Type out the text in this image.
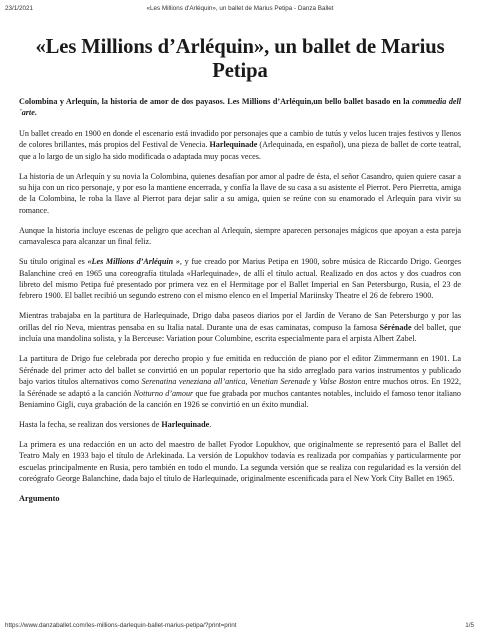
23/1/2021	«Les Millions d'Arléquin», un ballet de Marius Petipa - Danza Ballet
«Les Millions d’Arléquin», un ballet de Marius Petipa

Colombina y Arlequín, la historia de amor de dos payasos. Les Millions d’Arléquin,un bello ballet basado en la commedia dell´arte.

Un ballet creado en 1900 en donde el escenario está invadido por personajes que a cambio de tutús y velos lucen trajes festivos y llenos de colores brillantes, más propios del Festival de Venecia. Harlequinade (Arlequinada, en español), una pieza de ballet de corte teatral, que a lo largo de un siglo ha sido modificada o adaptada muy pocas veces.

La historia de un Arlequín y su novia la Colombina, quienes desafían por amor al padre de ésta, el señor Casandro, quien quiere casar a su hija con un rico personaje, y por eso la mantiene encerrada, y confía la llave de su casa a su asistente el Pierrot. Pero Pierretta, amiga de la Colombina, le roba la llave al Pierrot para dejar salir a su amiga, quien se reúne con su enamorado el Arlequín para vivir su romance.

Aunque la historia incluye escenas de peligro que acechan al Arlequín, siempre aparecen personajes mágicos que apoyan a esta pareja carnavalesca para alcanzar un final feliz.

Su título original es «Les Millions d’Arléquin », y fue creado por Marius Petipa en 1900, sobre música de Riccardo Drigo. Georges Balanchine creó en 1965 una coreografía titulada «Harlequinade», de allí el título actual. Realizado en dos actos y dos cuadros con libreto del mismo Petipa fué presentado por primera vez en el Hermitage por el Ballet Imperial en San Petersburgo, Rusia, el 23 de febrero 1900. El ballet recibió un segundo estreno con el mismo elenco en el Imperial Mariinsky Theatre el 26 de febrero 1900.

Mientras trabajaba en la partitura de Harlequinade, Drigo daba paseos diarios por el Jardín de Verano de San Petersburgo y por las orillas del río Neva, mientras pensaba en su Italia natal. Durante una de esas caminatas, compuso la famosa Sérénade del ballet, que incluía una mandolina solista, y la Berceuse: Variation pour Columbine, escrita especialmente para el arpista Albert Zabel.

La partitura de Drigo fue celebrada por derecho propio y fue emitida en reducción de piano por el editor Zimmermann en 1901. La Sérénade del primer acto del ballet se convirtió en un popular repertorio que ha sido arreglado para varios instrumentos y publicado bajo varios títulos alternativos como Serenatina veneziana all’antica, Venetian Serenade y Valse Boston entre muchos otros. En 1922, la Sérénade se adaptó a la canción Notturno d’amour que fue grabada por muchos cantantes notables, incluido el famoso tenor italiano Beniamino Gigli, cuya grabación de la canción en 1926 se convirtió en un éxito mundial.

Hasta la fecha, se realizan dos versiones de Harlequinade.

La primera es una redacción en un acto del maestro de ballet Fyodor Lopukhov, que originalmente se representó para el Ballet del Teatro Maly en 1933 bajo el título de Arlekinada. La versión de Lopukhov todavía es realizada por compañías y particularmente por escuelas principalmente en Rusia, pero también en todo el mundo. La segunda versión que se realiza con regularidad es la versión del coreógrafo George Balanchine, dada bajo el título de Harlequinade, originalmente escenificada para el New York City Ballet en 1965.

Argumento
https://www.danzaballet.com/les-millions-darlequin-ballet-marius-petipa/?print=print	1/5
